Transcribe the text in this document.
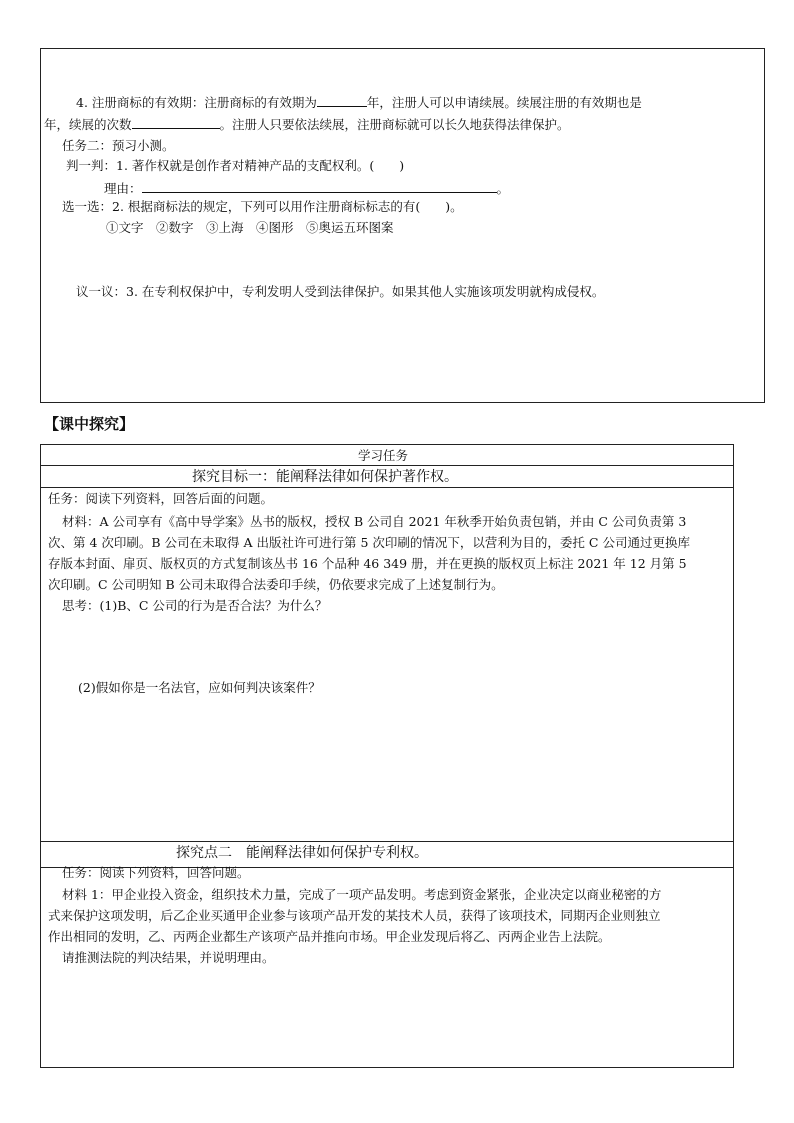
4. 注册商标的有效期：注册商标的有效期为	年，注册人可以申请续展。续展注册的有效期也是
年，续展的次数	。注册人只要依法续展，注册商标就可以长久地获得法律保护。
任务二：预习小测。
判一判：1. 著作权就是创作者对精神产品的支配权利。(　　)
理由：	。
选一选：2. 根据商标法的规定，下列可以用作注册商标标志的有(　　)。
①文字　②数字　③上海　④图形　⑤奥运五环图案
议一议：3. 在专利权保护中，专利发明人受到法律保护。如果其他人实施该项发明就构成侵权。
【课中探究】
学习任务
探究目标一：能阐释法律如何保护著作权。
任务：阅读下列资料，回答后面的问题。
材料：A 公司享有《高中导学案》丛书的版权，授权 B 公司自 2021 年秋季开始负责包销，并由 C 公司负责第 3
次、第 4 次印刷。B 公司在未取得 A 出版社许可进行第 5 次印刷的情况下，以营利为目的，委托 C 公司通过更换库
存版本封面、扉页、版权页的方式复制该丛书 16 个品种 46 349 册，并在更换的版权页上标注 2021 年 12 月第 5
次印刷。C 公司明知 B 公司未取得合法委印手续，仍依要求完成了上述复制行为。
思考：(1)B、C 公司的行为是否合法？为什么？
(2)假如你是一名法官，应如何判决该案件？
探究点二　能阐释法律如何保护专利权。
任务：阅读下列资料，回答问题。
材料 1：甲企业投入资金，组织技术力量，完成了一项产品发明。考虑到资金紧张，企业决定以商业秘密的方
式来保护这项发明，后乙企业买通甲企业参与该项产品开发的某技术人员，获得了该项技术，同期丙企业则独立
作出相同的发明，乙、丙两企业都生产该项产品并推向市场。甲企业发现后将乙、丙两企业告上法院。
请推测法院的判决结果，并说明理由。
